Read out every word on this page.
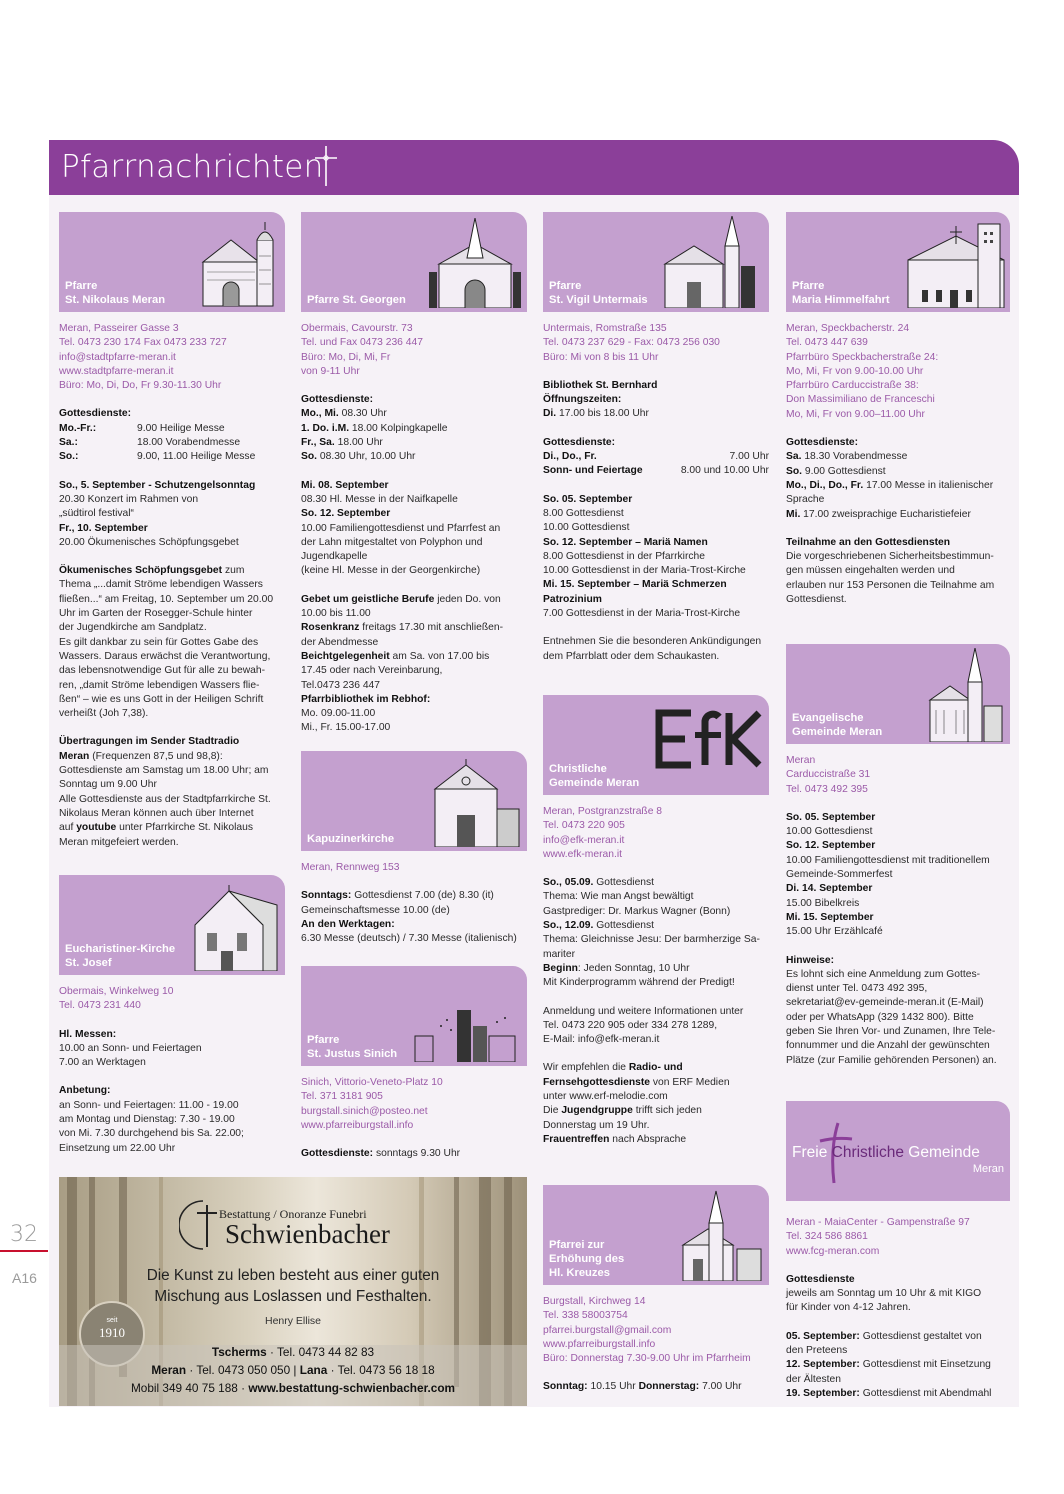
Pfarrnachrichten
32
A16
Pfarre
St. Nikolaus Meran
Meran, Passeirer Gasse 3
Tel. 0473 230 174 Fax 0473 233 727
info@stadtpfarre-meran.it
www.stadtpfarre-meran.it
Büro: Mo, Di, Do, Fr 9.30-11.30 Uhr

Gottesdienste:

Mo.-Fr.:	9.00 Heilige Messe
Sa.:	18.00 Vorabendmesse
So.:	9.00, 11.00 Heilige Messe

So., 5. September - Schutzengelsonntag

20.30 Konzert im Rahmen von

„südtirol festival“

Fr., 10. September

20.00 Ökumenisches Schöpfungsgebet

Ökumenisches Schöpfungsgebet zum

Thema „...damit Ströme lebendigen Wassers

fließen...“ am Freitag, 10. September um 20.00

Uhr im Garten der Rosegger-Schule hinter

der Jugendkirche am Sandplatz.

Es gilt dankbar zu sein für Gottes Gabe des

Wassers. Daraus erwächst die Verantwortung,

das lebensnotwendige Gut für alle zu bewah-

ren, „damit Ströme lebendigen Wassers flie-

ßen“ – wie es uns Gott in der Heiligen Schrift

verheißt (Joh 7,38).

Übertragungen im Sender Stadtradio

Meran (Frequenzen 87,5 und 98,8):

Gottesdienste am Samstag um 18.00 Uhr; am

Sonntag um 9.00 Uhr

Alle Gottesdienste aus der Stadtpfarrkirche St.

Nikolaus Meran können auch über Internet

auf youtube unter Pfarrkirche St. Nikolaus

Meran mitgefeiert werden.

Eucharistiner-Kirche
St. Josef
Obermais, Winkelweg 10
Tel. 0473 231 440

Hl. Messen:

10.00 an Sonn- und Feiertagen

7.00 an Werktagen

Anbetung:

an Sonn- und Feiertagen: 11.00 - 19.00

am Montag und Dienstag: 7.30 - 19.00

von Mi. 7.30 durchgehend bis Sa. 22.00;

Einsetzung um 22.00 Uhr

Pfarre St. Georgen
Obermais, Cavourstr. 73
Tel. und Fax 0473 236 447
Büro: Mo, Di, Mi, Fr
von 9-11 Uhr

Gottesdienste:

Mo., Mi. 08.30 Uhr

1. Do. i.M. 18.00 Kolpingkapelle

Fr., Sa. 18.00 Uhr

So. 08.30 Uhr, 10.00 Uhr

Mi. 08. September

08.30 Hl. Messe in der Naifkapelle

So. 12. September

10.00 Familiengottesdienst und Pfarrfest an

der Lahn mitgestaltet von Polyphon und

Jugendkapelle

(keine Hl. Messe in der Georgenkirche)

Gebet um geistliche Berufe jeden Do. von

10.00 bis 11.00

Rosenkranz freitags 17.30 mit anschließen-

der Abendmesse

Beichtgelegenheit am Sa. von 17.00 bis

17.45 oder nach Vereinbarung,

Tel.0473 236 447

Pfarrbibliothek im Rebhof:

Mo. 09.00-11.00

Mi., Fr. 15.00-17.00

Kapuzinerkirche
Meran, Rennweg 153

Sonntags: Gottesdienst 7.00 (de) 8.30 (it)

Gemeinschaftsmesse 10.00 (de)

An den Werktagen:

6.30 Messe (deutsch) / 7.30 Messe (italienisch)

Pfarre
St. Justus Sinich
Sinich, Vittorio-Veneto-Platz 10
Tel. 371 3181 905
burgstall.sinich@posteo.net
www.pfarreiburgstall.info

Gottesdienste: sonntags 9.30 Uhr

Pfarre
St. Vigil Untermais
Untermais, Romstraße 135
Tel. 0473 237 629 - Fax: 0473 256 030
Büro: Mi von 8 bis 11 Uhr

Bibliothek St. Bernhard

Öffnungszeiten:

Di. 17.00 bis 18.00 Uhr

Gottesdienste:

Di., Do., Fr.	7.00 Uhr
Sonn- und Feiertage	8.00 und 10.00 Uhr

So. 05. September

8.00 Gottesdienst

10.00 Gottesdienst

So. 12. September – Mariä Namen

8.00 Gottesdienst in der Pfarrkirche

10.00 Gottesdienst in der Maria-Trost-Kirche

Mi. 15. September – Mariä Schmerzen

Patrozinium

7.00 Gottesdienst in der Maria-Trost-Kirche

Entnehmen Sie die besonderen Ankündigungen

dem Pfarrblatt oder dem Schaukasten.

Christliche
Gemeinde Meran
Meran, Postgranzstraße 8
Tel. 0473 220 905
info@efk-meran.it
www.efk-meran.it

So., 05.09. Gottesdienst

Thema: Wie man Angst bewältigt

Gastprediger: Dr. Markus Wagner (Bonn)

So., 12.09. Gottesdienst

Thema: Gleichnisse Jesu: Der barmherzige Sa-

mariter

Beginn: Jeden Sonntag, 10 Uhr

Mit Kinderprogramm während der Predigt!

Anmeldung und weitere Informationen unter

Tel. 0473 220 905 oder 334 278 1289,

E-Mail: info@efk-meran.it

Wir empfehlen die Radio- und

Fernsehgottesdienste von ERF Medien

unter www.erf-melodie.com

Die Jugendgruppe trifft sich jeden

Donnerstag um 19 Uhr.

Frauentreffen nach Absprache

Pfarrei zur
Erhöhung des
Hl. Kreuzes
Burgstall, Kirchweg 14
Tel. 338 58003754
pfarrei.burgstall@gmail.com
www.pfarreiburgstall.info
Büro: Donnerstag 7.30-9.00 Uhr im Pfarrheim

Sonntag: 10.15 Uhr Donnerstag: 7.00 Uhr

Pfarre
Maria Himmelfahrt
Meran, Speckbacherstr. 24
Tel. 0473 447 639
Pfarrbüro Speckbacherstraße 24:
Mo, Mi, Fr von 9.00-10.00 Uhr
Pfarrbüro Carduccistraße 38:
Don Massimiliano de Franceschi
Mo, Mi, Fr von 9.00–11.00 Uhr

Gottesdienste:

Sa. 18.30 Vorabendmesse

So. 9.00 Gottesdienst

Mo., Di., Do., Fr. 17.00 Messe in italienischer

Sprache

Mi. 17.00 zweisprachige Eucharistiefeier

Teilnahme an den Gottesdiensten

Die vorgeschriebenen Sicherheitsbestimmun-

gen müssen eingehalten werden und

erlauben nur 153 Personen die Teilnahme am

Gottesdienst.

Evangelische
Gemeinde Meran
Meran
Carduccistraße 31
Tel. 0473 492 395

So. 05. September

10.00 Gottesdienst

So. 12. September

10.00 Familiengottesdienst mit traditionellem

Gemeinde-Sommerfest

Di. 14. September

15.00 Bibelkreis

Mi. 15. September

15.00 Uhr Erzählcafé

Hinweise:

Es lohnt sich eine Anmeldung zum Gottes-

dienst unter Tel. 0473 492 395,

sekretariat@ev-gemeinde-meran.it (E-Mail)

oder per WhatsApp (329 1432 800). Bitte

geben Sie Ihren Vor- und Zunamen, Ihre Tele-

fonnummer und die Anzahl der gewünschten

Plätze (zur Familie gehörenden Personen) an.

Freie Christliche Gemeinde
Meran
Meran - MaiaCenter - Gampenstraße 97
Tel. 324 586 8861
www.fcg-meran.com

Gottesdienste

jeweils am Sonntag um 10 Uhr & mit KIGO

für Kinder von 4-12 Jahren.

05. September: Gottesdienst gestaltet von

den Preteens

12. September: Gottesdienst mit Einsetzung

der Ältesten

19. September: Gottesdienst mit Abendmahl

Bestattung / Onoranze Funebri
Schwienbacher
Die Kunst zu leben besteht aus einer guten
Mischung aus Loslassen und Festhalten.
Henry Ellise
seit
1910
Tscherms · Tel. 0473 44 82 83
Meran · Tel. 0473 050 050 | Lana · Tel. 0473 56 18 18
Mobil 349 40 75 188 · www.bestattung-schwienbacher.com
